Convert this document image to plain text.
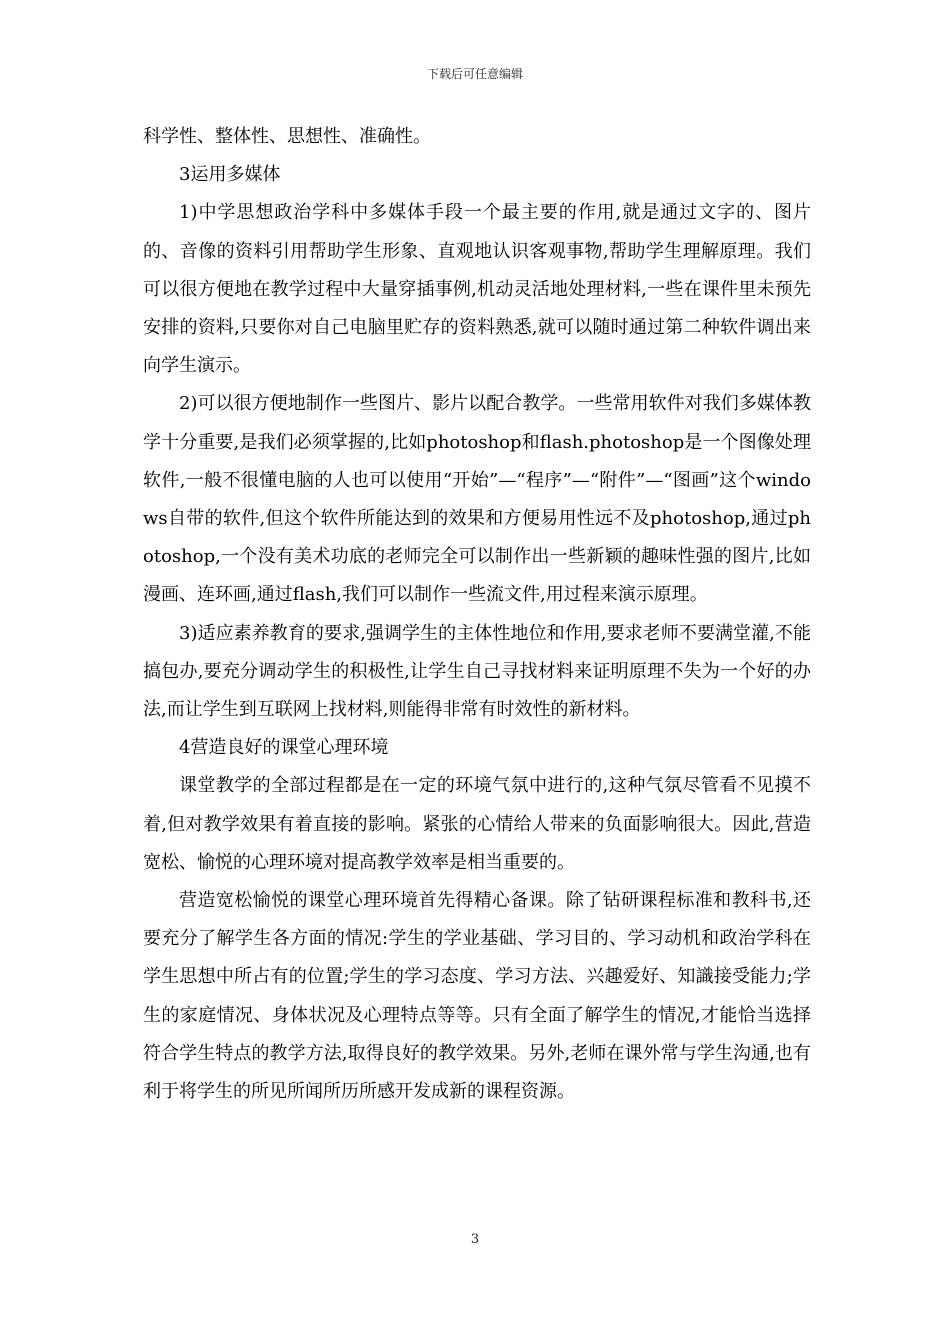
下载后可任意编辑

科学性、整体性、思想性、准确性。

3运用多媒体

1)中学思想政治学科中多媒体手段一个最主要的作用,就是通过文字的、图片的、音像的资料引用帮助学生形象、直观地认识客观事物,帮助学生理解原理。我们可以很方便地在教学过程中大量穿插事例,机动灵活地处理材料,一些在课件里未预先安排的资料,只要你对自己电脑里贮存的资料熟悉,就可以随时通过第二种软件调出来向学生演示。

2)可以很方便地制作一些图片、影片以配合教学。一些常用软件对我们多媒体教学十分重要,是我们必须掌握的,比如photoshop和flash.photoshop是一个图像处理软件,一般不很懂电脑的人也可以使用“开始”—“程序”—“附件”—“图画”这个windows自带的软件,但这个软件所能达到的效果和方便易用性远不及photoshop,通过photoshop,一个没有美术功底的老师完全可以制作出一些新颖的趣味性强的图片,比如漫画、连环画,通过flash,我们可以制作一些流文件,用过程来演示原理。

3)适应素养教育的要求,强调学生的主体性地位和作用,要求老师不要满堂灌,不能搞包办,要充分调动学生的积极性,让学生自己寻找材料来证明原理不失为一个好的办法,而让学生到互联网上找材料,则能得非常有时效性的新材料。

4营造良好的课堂心理环境

课堂教学的全部过程都是在一定的环境气氛中进行的,这种气氛尽管看不见摸不着,但对教学效果有着直接的影响。紧张的心情给人带来的负面影响很大。因此,营造宽松、愉悦的心理环境对提高教学效率是相当重要的。

营造宽松愉悦的课堂心理环境首先得精心备课。除了钻研课程标准和教科书,还要充分了解学生各方面的情况:学生的学业基础、学习目的、学习动机和政治学科在学生思想中所占有的位置;学生的学习态度、学习方法、兴趣爱好、知識接受能力;学生的家庭情况、身体状况及心理特点等等。只有全面了解学生的情况,才能恰当选择符合学生特点的教学方法,取得良好的教学效果。另外,老师在课外常与学生沟通,也有利于将学生的所见所闻所历所感开发成新的课程资源。

3
